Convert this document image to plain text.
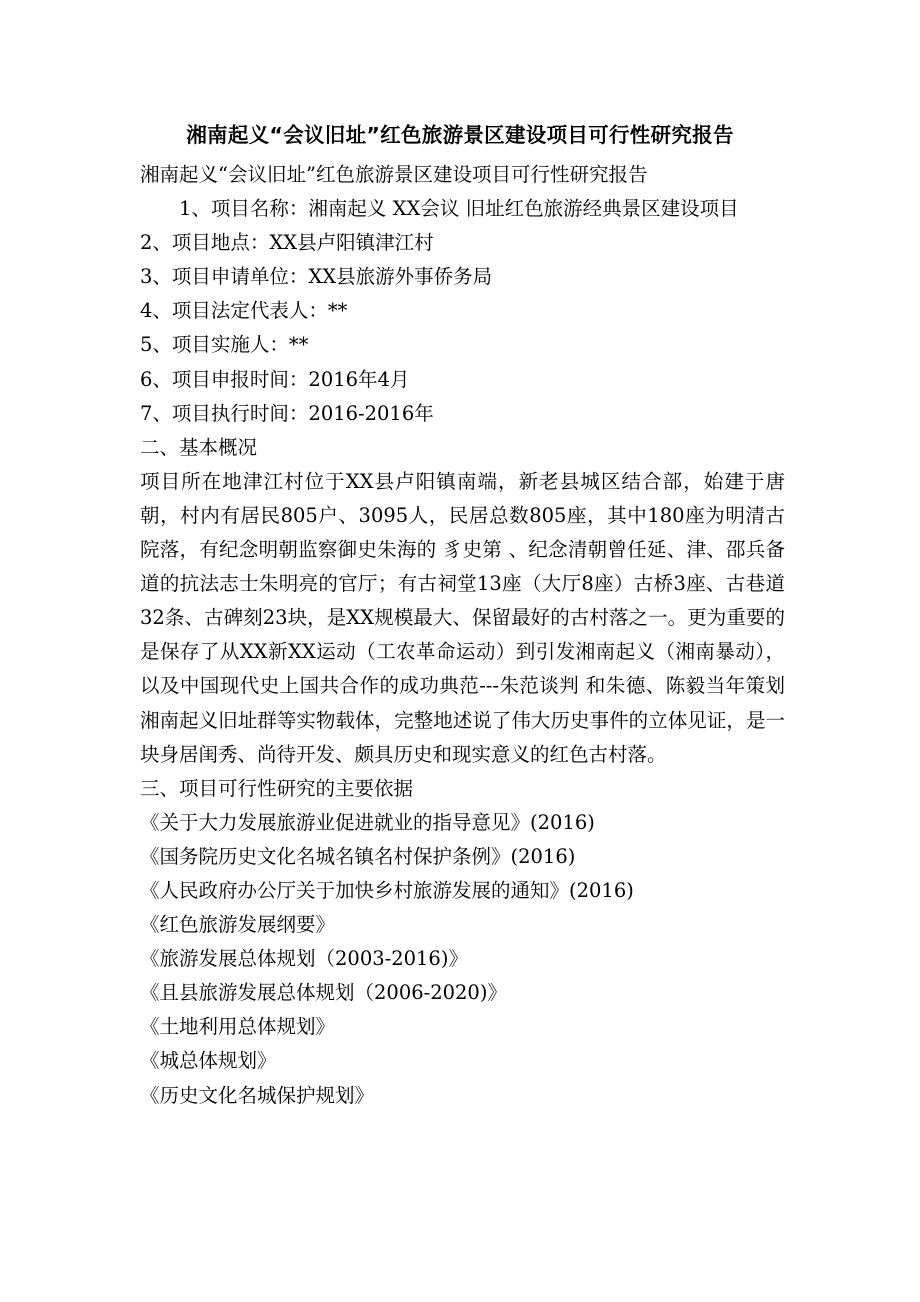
湘南起义“会议旧址”红色旅游景区建设项目可行性研究报告
湘南起义“会议旧址”红色旅游景区建设项目可行性研究报告
1、项目名称：湘南起义 XX会议 旧址红色旅游经典景区建设项目
2、项目地点：XX县卢阳镇津江村
3、项目申请单位：XX县旅游外事侨务局
4、项目法定代表人：**
5、项目实施人：**
6、项目申报时间：2016年4月
7、项目执行时间：2016-2016年
二、基本概况
项目所在地津江村位于XX县卢阳镇南端，新老县城区结合部，始建于唐朝，村内有居民805户、3095人，民居总数805座，其中180座为明清古院落，有纪念明朝监察御史朱海的 豸史第 、纪念清朝曾任延、津、邵兵备道的抗法志士朱明亮的官厅；有古祠堂13座（大厅8座）古桥3座、古巷道32条、古碑刻23块，是XX规模最大、保留最好的古村落之一。更为重要的是保存了从XX新XX运动（工农革命运动）到引发湘南起义（湘南暴动），以及中国现代史上国共合作的成功典范---朱范谈判 和朱德、陈毅当年策划湘南起义旧址群等实物载体，完整地述说了伟大历史事件的立体见证，是一块身居闺秀、尚待开发、颇具历史和现实意义的红色古村落。
三、项目可行性研究的主要依据
《关于大力发展旅游业促进就业的指导意见》(2016)
《国务院历史文化名城名镇名村保护条例》(2016)
《人民政府办公厅关于加快乡村旅游发展的通知》(2016)
《红色旅游发展纲要》
《旅游发展总体规划（2003-2016)》
《且县旅游发展总体规划（2006-2020)》
《土地利用总体规划》
《城总体规划》
《历史文化名城保护规划》
